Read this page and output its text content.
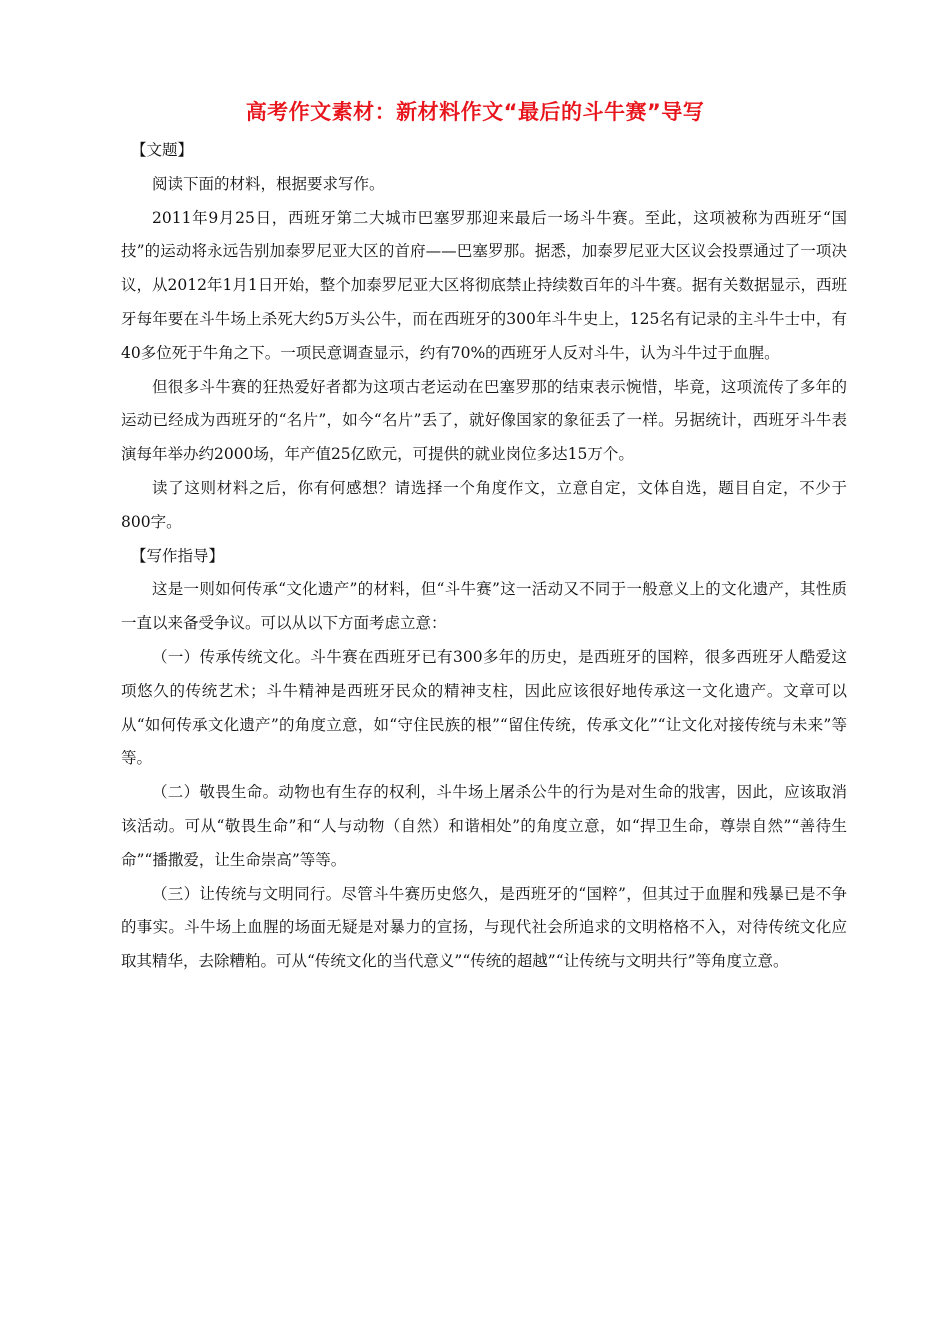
高考作文素材：新材料作文“最后的斗牛赛”导写

【文题】

阅读下面的材料，根据要求写作。

2011年9月25日，西班牙第二大城市巴塞罗那迎来最后一场斗牛赛。至此，这项被称为西班牙“国技”的运动将永远告别加泰罗尼亚大区的首府——巴塞罗那。据悉，加泰罗尼亚大区议会投票通过了一项决议，从2012年1月1日开始，整个加泰罗尼亚大区将彻底禁止持续数百年的斗牛赛。据有关数据显示，西班牙每年要在斗牛场上杀死大约5万头公牛，而在西班牙的300年斗牛史上，125名有记录的主斗牛士中，有40多位死于牛角之下。一项民意调查显示，约有70%的西班牙人反对斗牛，认为斗牛过于血腥。

但很多斗牛赛的狂热爱好者都为这项古老运动在巴塞罗那的结束表示惋惜，毕竟，这项流传了多年的运动已经成为西班牙的“名片”，如今“名片”丢了，就好像国家的象征丢了一样。另据统计，西班牙斗牛表演每年举办约2000场，年产值25亿欧元，可提供的就业岗位多达15万个。

读了这则材料之后，你有何感想？请选择一个角度作文，立意自定，文体自选，题目自定，不少于800字。

【写作指导】

这是一则如何传承“文化遗产”的材料，但“斗牛赛”这一活动又不同于一般意义上的文化遗产，其性质一直以来备受争议。可以从以下方面考虑立意：

（一）传承传统文化。斗牛赛在西班牙已有300多年的历史，是西班牙的国粹，很多西班牙人酷爱这项悠久的传统艺术；斗牛精神是西班牙民众的精神支柱，因此应该很好地传承这一文化遗产。文章可以从“如何传承文化遗产”的角度立意，如“守住民族的根”“留住传统，传承文化”“让文化对接传统与未来”等等。

（二）敬畏生命。动物也有生存的权利，斗牛场上屠杀公牛的行为是对生命的戕害，因此，应该取消该活动。可从“敬畏生命”和“人与动物（自然）和谐相处”的角度立意，如“捍卫生命，尊崇自然”“善待生命”“播撒爱，让生命崇高”等等。

（三）让传统与文明同行。尽管斗牛赛历史悠久，是西班牙的“国粹”，但其过于血腥和残暴已是不争的事实。斗牛场上血腥的场面无疑是对暴力的宣扬，与现代社会所追求的文明格格不入，对待传统文化应取其精华，去除糟粕。可从“传统文化的当代意义”“传统的超越”“让传统与文明共行”等角度立意。
